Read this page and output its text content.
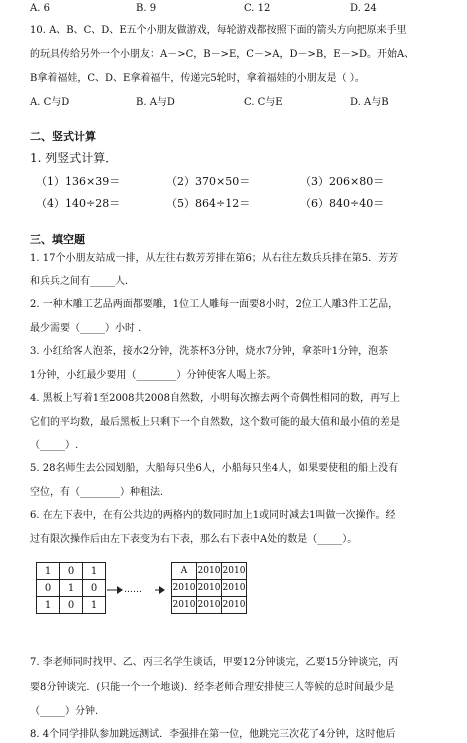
A. 6	B. 9	C. 12	D. 24
10. A、B、C、D、E五个小朋友做游戏，每轮游戏都按照下面的箭头方向把原来手里
的玩具传给另外一个小朋友：A－>C，B－>E，C－>A，D－>B，E－>D。开始A、
B拿着福娃，C、D、E拿着福牛，传递完5轮时，拿着福娃的小朋友是（ ）。
A. C与D	B. A与D	C. C与E	D. A与B
二、竖式计算
1. 列竖式计算．
（1）136×39＝	（2）370×50＝	（3）206×80＝
（4）140÷28＝	（5）864÷12＝	（6）840÷40＝
三、填空题
1. 17个小朋友站成一排，从左往右数芳芳排在第6；从右往左数兵兵排在第5．芳芳
和兵兵之间有_____人．
2. 一种木雕工艺品两面都要雕，1位工人雕每一面要8小时，2位工人雕3件工艺品，
最少需要（_____）小时 ．
3. 小红给客人泡茶，接水2分钟，洗茶杯3分钟，烧水7分钟，拿茶叶1分钟，泡茶
1分钟，小红最少要用（________）分钟使客人喝上茶。
4. 黑板上写着1至2008共2008自然数，小明每次擦去两个奇偶性相同的数，再写上
它们的平均数，最后黑板上只剩下一个自然数，这个数可能的最大值和最小值的差是
（_____）.
5. 28名师生去公园划船，大船每只坐6人，小船每只坐4人，如果要使租的船上没有
空位，有（________）种租法．
6. 在左下表中，在有公共边的两格内的数同时加上1或同时减去1叫做一次操作。经
过有限次操作后由左下表变为右下表，那么右下表中A处的数是（_____）。
1	0	1
0	1	0
1	0	1
……
A	2010	2010
2010	2010	2010
2010	2010	2010
7. 李老师同时找甲、乙、丙三名学生谈话，甲要12分钟谈完，乙要15分钟谈完，丙
要8分钟谈完．(只能一个一个地谈)．经李老师合理安排使三人等候的总时间最少是
（_____）分钟.
8. 4个同学排队参加跳远测试．李强排在第一位，他跳完三次花了4分钟，这时他后
